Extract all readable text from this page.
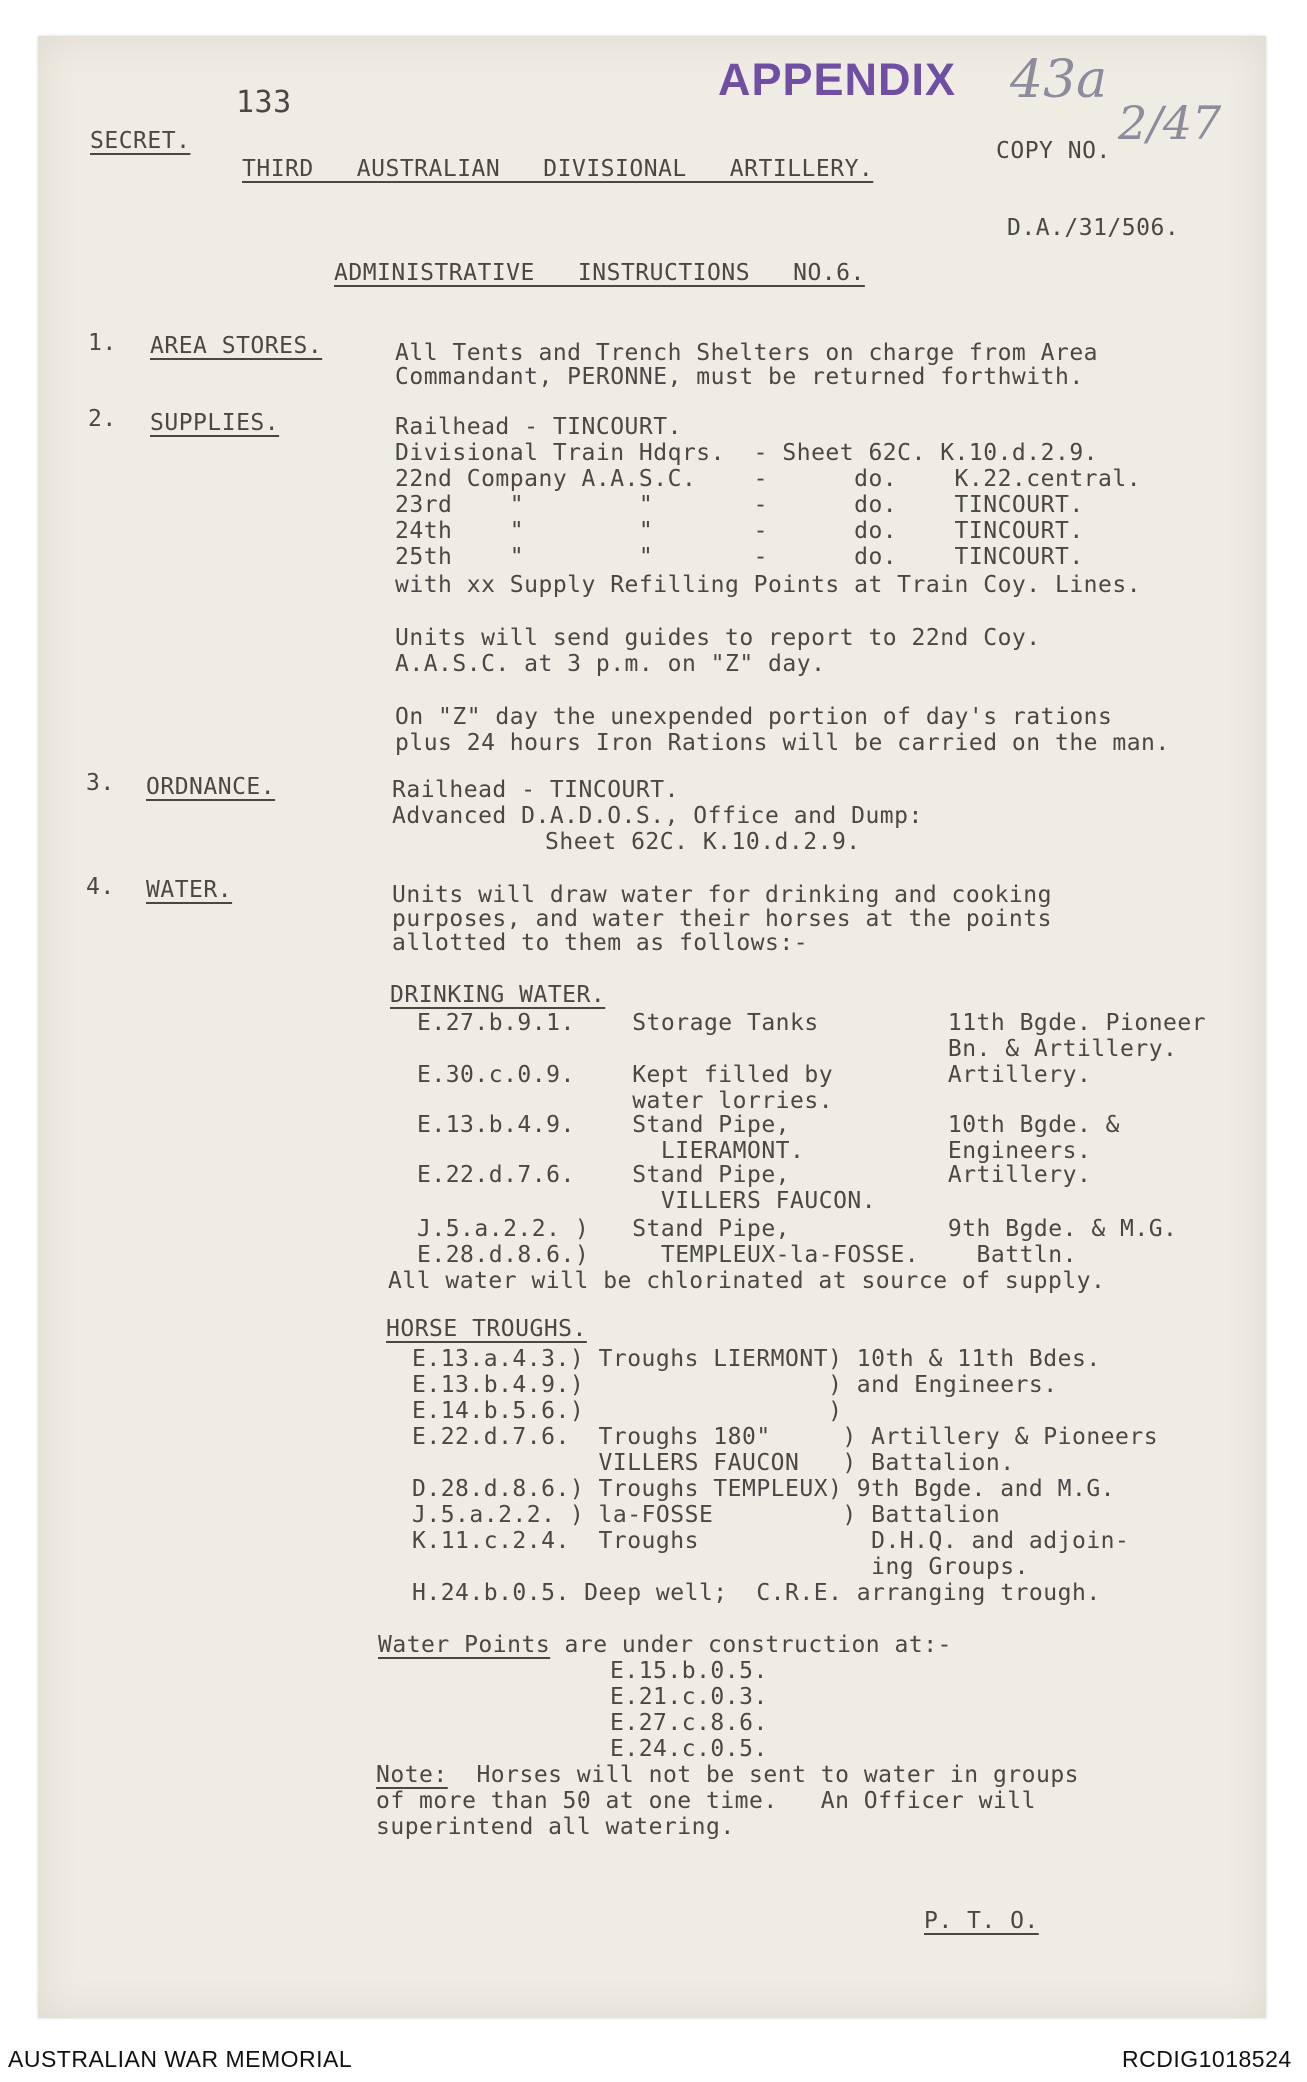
133	APPENDIX 43a
2/47
SECRET.
THIRD   AUSTRALIAN   DIVISIONAL   ARTILLERY.
COPY NO.
D.A./31/506.
ADMINISTRATIVE   INSTRUCTIONS   NO.6.
1. AREA STORES.	All Tents and Trench Shelters on charge from Area
Commandant, PERONNE, must be returned forthwith.
2. SUPPLIES.	Railhead - TINCOURT.
Divisional Train Hdqrs.  - Sheet 62C. K.10.d.2.9.
22nd Company A.A.S.C.    -      do.    K.22.central.
23rd    "        "       -      do.    TINCOURT.
24th    "        "       -      do.    TINCOURT.
25th    "        "       -      do.    TINCOURT.
with xx Supply Refilling Points at Train Coy. Lines.
Units will send guides to report to 22nd Coy.
A.A.S.C. at 3 p.m. on "Z" day.
On "Z" day the unexpended portion of day's rations
plus 24 hours Iron Rations will be carried on the man.
3. ORDNANCE.	Railhead - TINCOURT.
Advanced D.A.D.O.S., Office and Dump:
Sheet 62C. K.10.d.2.9.
4. WATER.	Units will draw water for drinking and cooking
purposes, and water their horses at the points
allotted to them as follows:-
DRINKING WATER.
E.27.b.9.1.    Storage Tanks         11th Bgde. Pioneer
Bn. & Artillery.
E.30.c.0.9.    Kept filled by        Artillery.
water lorries.
E.13.b.4.9.    Stand Pipe,           10th Bgde. &
LIERAMONT.          Engineers.
E.22.d.7.6.    Stand Pipe,           Artillery.
VILLERS FAUCON.
J.5.a.2.2. )   Stand Pipe,           9th Bgde. & M.G.
E.28.d.8.6.)     TEMPLEUX-la-FOSSE.    Battln.
All water will be chlorinated at source of supply.
HORSE TROUGHS.
E.13.a.4.3.) Troughs LIERMONT) 10th & 11th Bdes.
E.13.b.4.9.)                 ) and Engineers.
E.14.b.5.6.)                 )
E.22.d.7.6.  Troughs 180"     ) Artillery & Pioneers
VILLERS FAUCON   ) Battalion.
D.28.d.8.6.) Troughs TEMPLEUX) 9th Bgde. and M.G.
J.5.a.2.2. ) la-FOSSE         ) Battalion
K.11.c.2.4.  Troughs            D.H.Q. and adjoin-
ing Groups.
H.24.b.0.5. Deep well;  C.R.E. arranging trough.
Water Points are under construction at:-
E.15.b.0.5.
E.21.c.0.3.
E.27.c.8.6.
E.24.c.0.5.
Note:  Horses will not be sent to water in groups
of more than 50 at one time.   An Officer will
superintend all watering.
P. T. O.
AUSTRALIAN WAR MEMORIAL	RCDIG1018524
